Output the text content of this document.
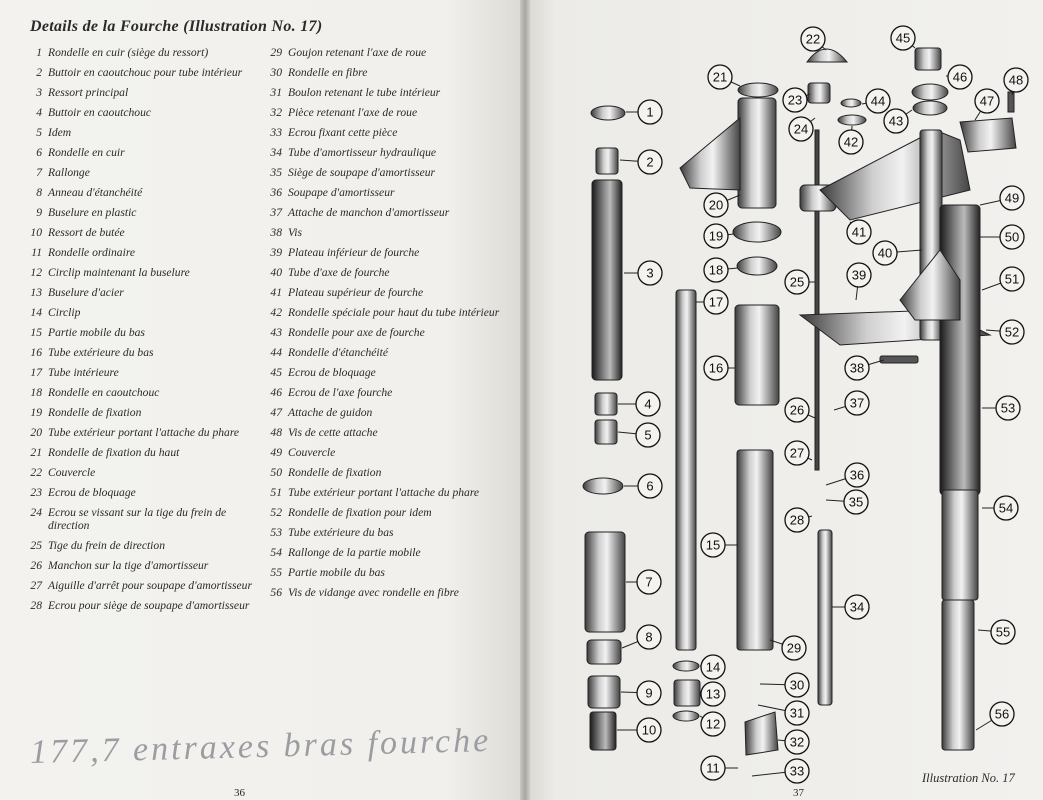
Details de la Fourche (Illustration No. 17)
1 Rondelle en cuir (siège du ressort)
2 Buttoir en caoutchouc pour tube intérieur
3 Ressort principal
4 Buttoir en caoutchouc
5 Idem
6 Rondelle en cuir
7 Rallonge
8 Anneau d'étanchéité
9 Buselure en plastic
10 Ressort de butée
11 Rondelle ordinaire
12 Circlip maintenant la buselure
13 Buselure d'acier
14 Circlip
15 Partie mobile du bas
16 Tube extérieure du bas
17 Tube intérieure
18 Rondelle en caoutchouc
19 Rondelle de fixation
20 Tube extérieur portant l'attache du phare
21 Rondelle de fixation du haut
22 Couvercle
23 Ecrou de bloquage
24 Ecrou se vissant sur la tige du frein de direction
25 Tige du frein de direction
26 Manchon sur la tige d'amortisseur
27 Aiguille d'arrêt pour soupape d'amortisseur
28 Ecrou pour siège de soupape d'amortisseur
29 Goujon retenant l'axe de roue
30 Rondelle en fibre
31 Boulon retenant le tube intérieur
32 Pièce retenant l'axe de roue
33 Ecrou fixant cette pièce
34 Tube d'amortisseur hydraulique
35 Siège de soupape d'amortisseur
36 Soupape d'amortisseur
37 Attache de manchon d'amortisseur
38 Vis
39 Plateau inférieur de fourche
40 Tube d'axe de fourche
41 Plateau supérieur de fourche
42 Rondelle spéciale pour haut du tube intérieur
43 Rondelle pour axe de fourche
44 Rondelle d'étanchéité
45 Ecrou de bloquage
46 Ecrou de l'axe fourche
47 Attache de guidon
48 Vis de cette attache
49 Couvercle
50 Rondelle de fixation
51 Tube extérieur portant l'attache du phare
52 Rondelle de fixation pour idem
53 Tube extérieure du bas
54 Rallonge de la partie mobile
55 Partie mobile du bas
56 Vis de vidange avec rondelle en fibre
177,7 entraxes bras fourche
36
1
2
3
4
5
6
7
8
9
10
11
12
13
14
15
16
17
18
19
20
21
22
23
24
25
26
27
28
29
30
31
32
33
34
35
36
37
38
39
40
41
42
43
44
45
46
47
48
49
50
51
52
53
54
55
56
Illustration No. 17
37
